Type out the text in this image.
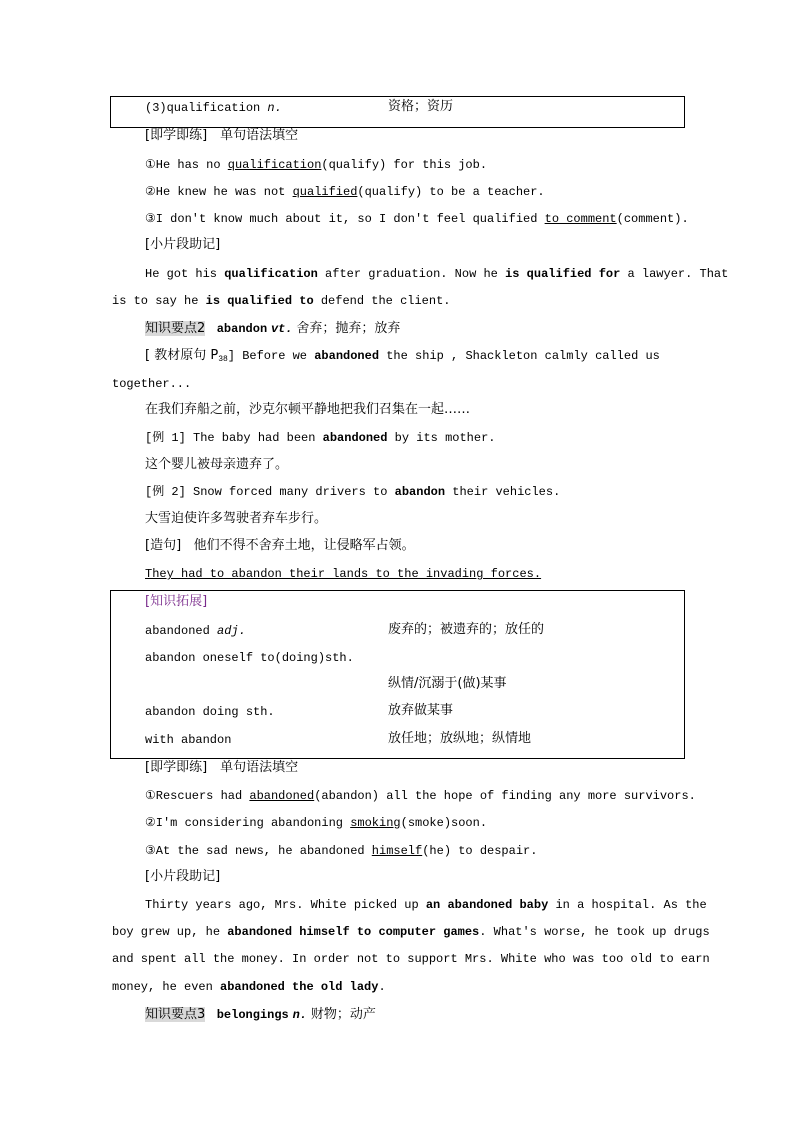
(3)qualification n.	资格；资历
[即学即练]　单句语法填空
①He has no qualification(qualify) for this job.
②He knew he was not qualified(qualify) to be a teacher.
③I don't know much about it, so I don't feel qualified to comment(comment).
[小片段助记]
He got his qualification after graduation. Now he is qualified for a lawyer. That
is to say he is qualified to defend the client.
知识要点2 abandon vt. 舍弃；抛弃；放弃
[ 教材原句 $P_{38}$] Before we abandoned the ship , Shackleton calmly called us
together...
在我们弃船之前，沙克尔顿平静地把我们召集在一起……
[例 1] The baby had been abandoned by its mother.
这个婴儿被母亲遗弃了。
[例 2] Snow forced many drivers to abandon their vehicles.
大雪迫使许多驾驶者弃车步行。
[造句] 他们不得不舍弃土地，让侵略军占领。
They had to abandon their lands to the invading forces.
[知识拓展]
abandoned adj.	废弃的；被遗弃的；放任的
abandon oneself to(doing)sth.
纵情/沉溺于(做)某事
abandon doing sth.	放弃做某事
with abandon	放任地；放纵地；纵情地
[即学即练]　单句语法填空
①Rescuers had abandoned(abandon) all the hope of finding any more survivors.
②I'm considering abandoning smoking(smoke)soon.
③At the sad news, he abandoned himself(he) to despair.
[小片段助记]
Thirty years ago, Mrs. White picked up an abandoned baby in a hospital. As the
boy grew up, he abandoned himself to computer games. What's worse, he took up drugs
and spent all the money. In order not to support Mrs. White who was too old to earn
money, he even abandoned the old lady.
知识要点3 belongings n. 财物；动产
